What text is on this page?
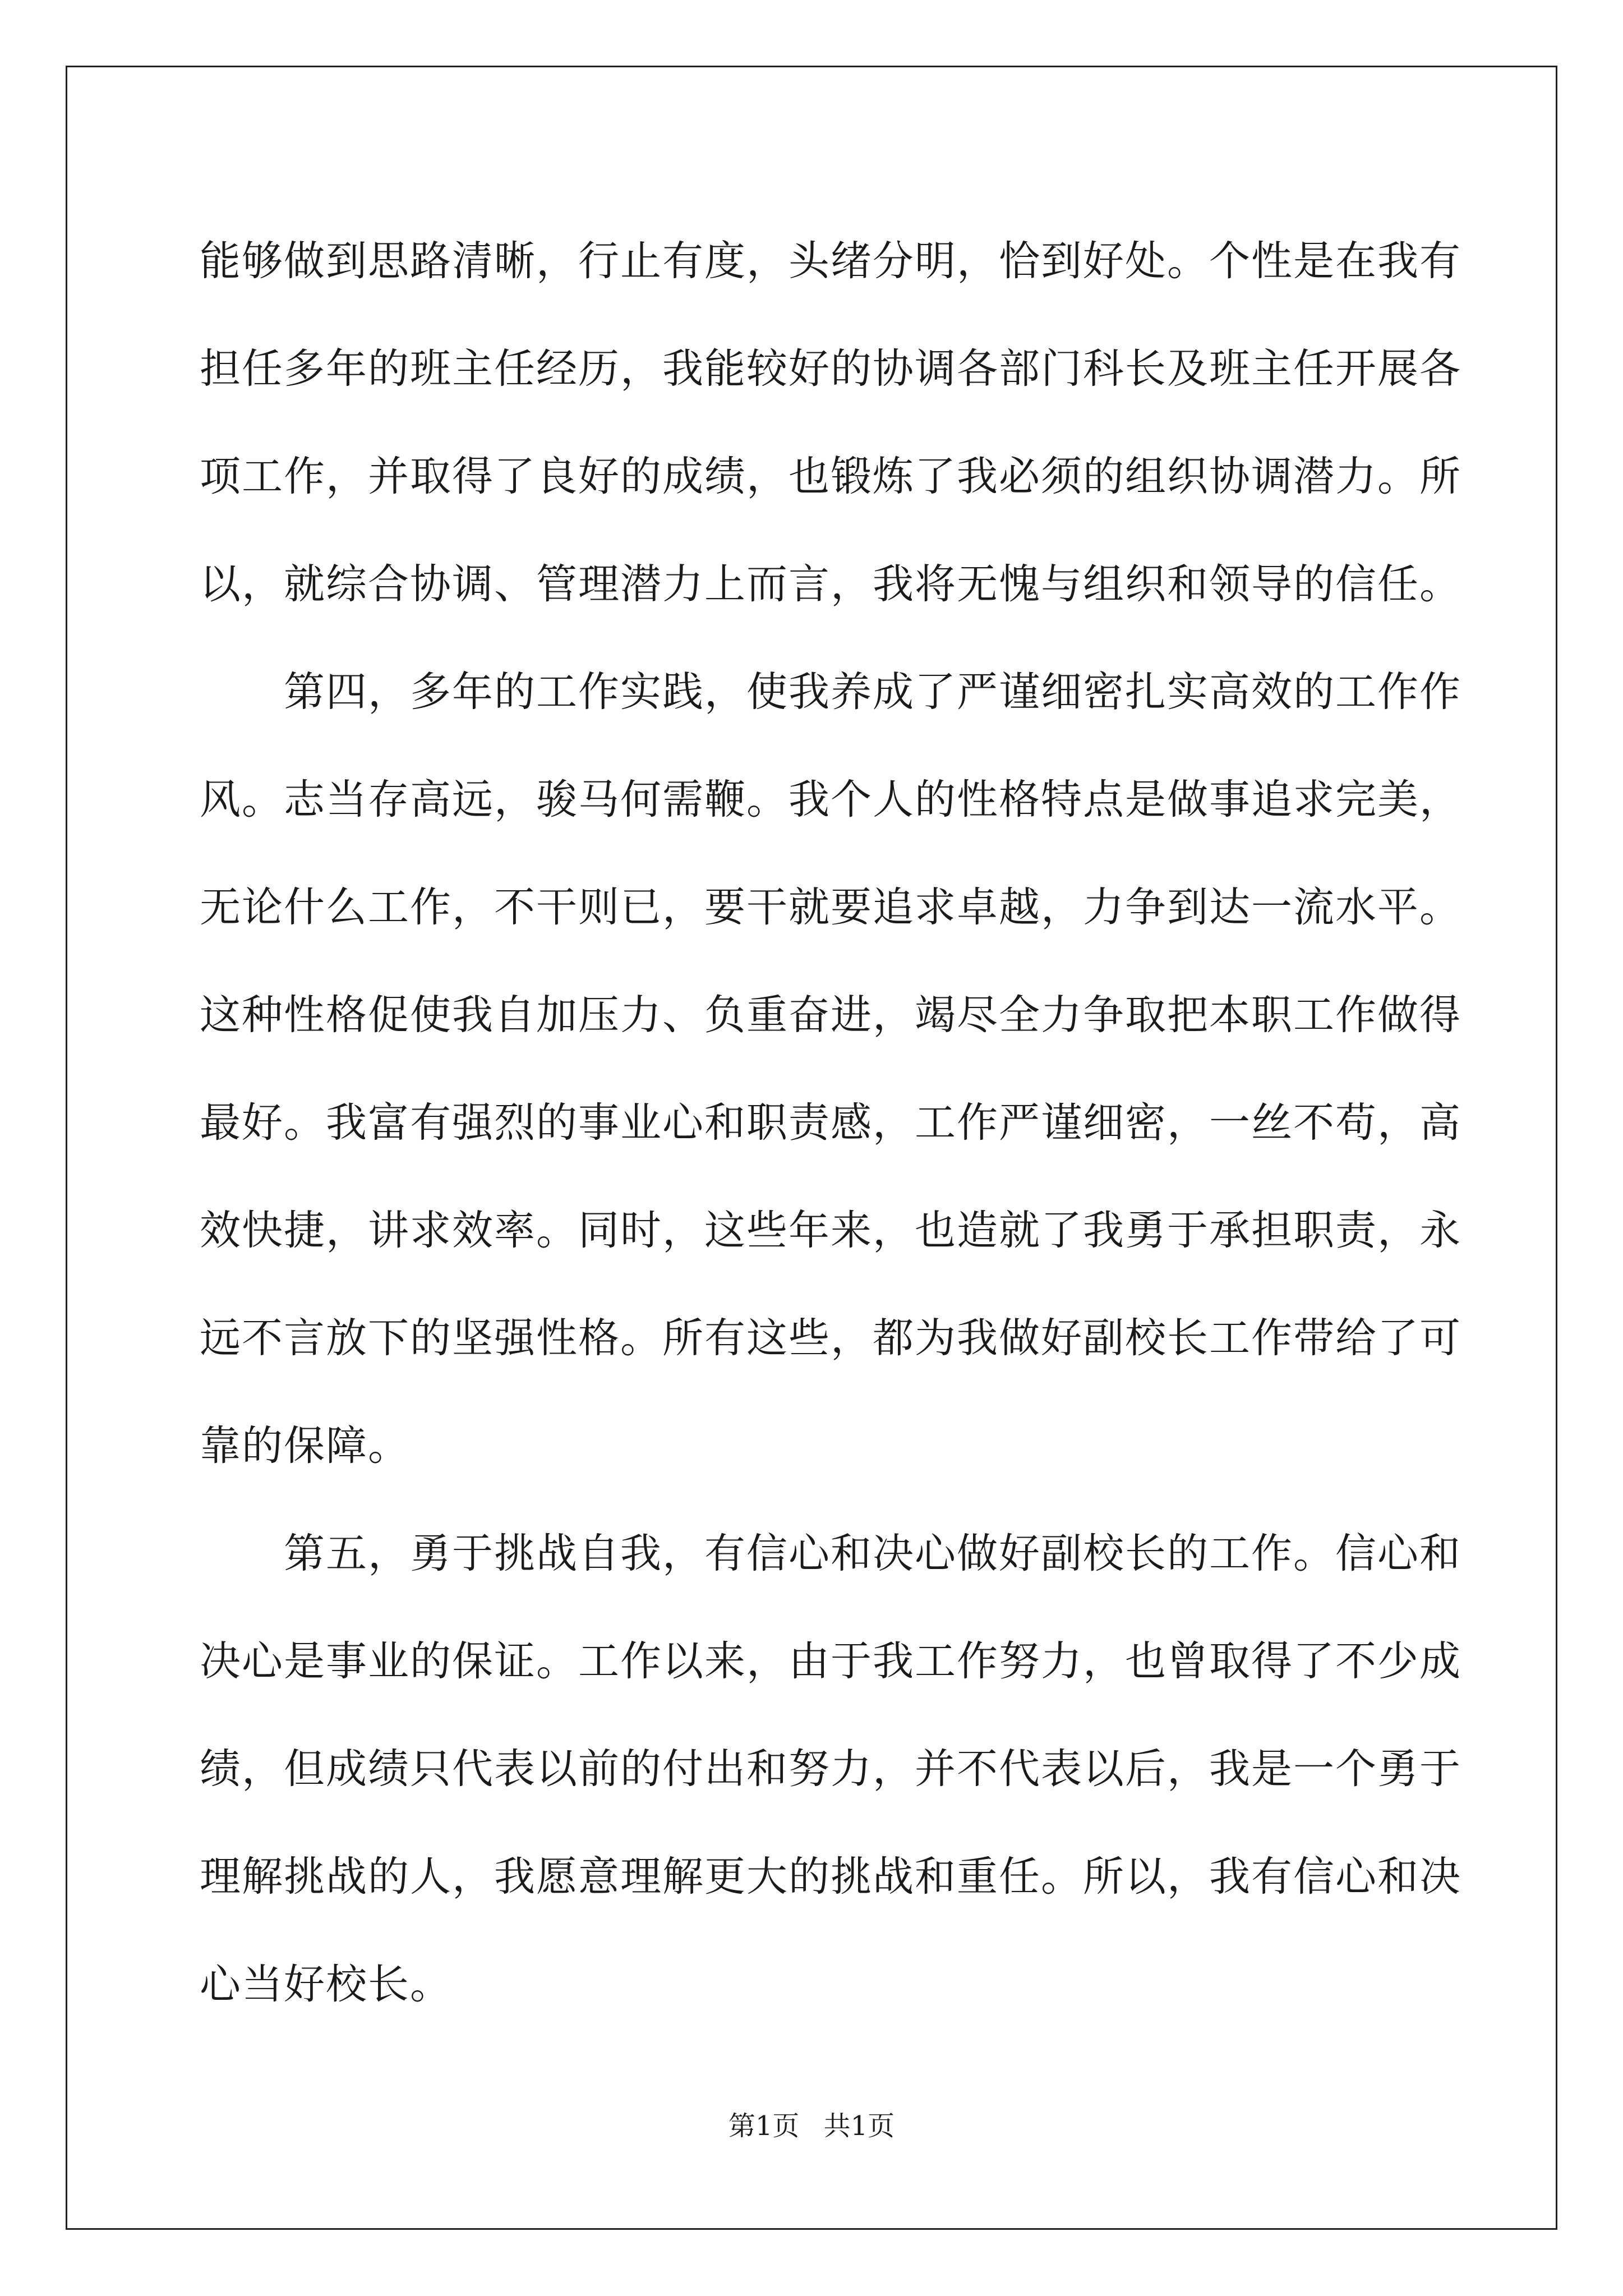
能够做到思路清晰，行止有度，头绪分明，恰到好处。个性是在我有
担任多年的班主任经历，我能较好的协调各部门科长及班主任开展各
项工作，并取得了良好的成绩，也锻炼了我必须的组织协调潜力。所
以，就综合协调、管理潜力上而言，我将无愧与组织和领导的信任。
　　第四，多年的工作实践，使我养成了严谨细密扎实高效的工作作
风。志当存高远，骏马何需鞭。我个人的性格特点是做事追求完美，
无论什么工作，不干则已，要干就要追求卓越，力争到达一流水平。
这种性格促使我自加压力、负重奋进，竭尽全力争取把本职工作做得
最好。我富有强烈的事业心和职责感，工作严谨细密，一丝不苟，高
效快捷，讲求效率。同时，这些年来，也造就了我勇于承担职责，永
远不言放下的坚强性格。所有这些，都为我做好副校长工作带给了可
靠的保障。
　　第五，勇于挑战自我，有信心和决心做好副校长的工作。信心和
决心是事业的保证。工作以来，由于我工作努力，也曾取得了不少成
绩，但成绩只代表以前的付出和努力，并不代表以后，我是一个勇于
理解挑战的人，我愿意理解更大的挑战和重任。所以，我有信心和决
心当好校长。
第1页 共1页
